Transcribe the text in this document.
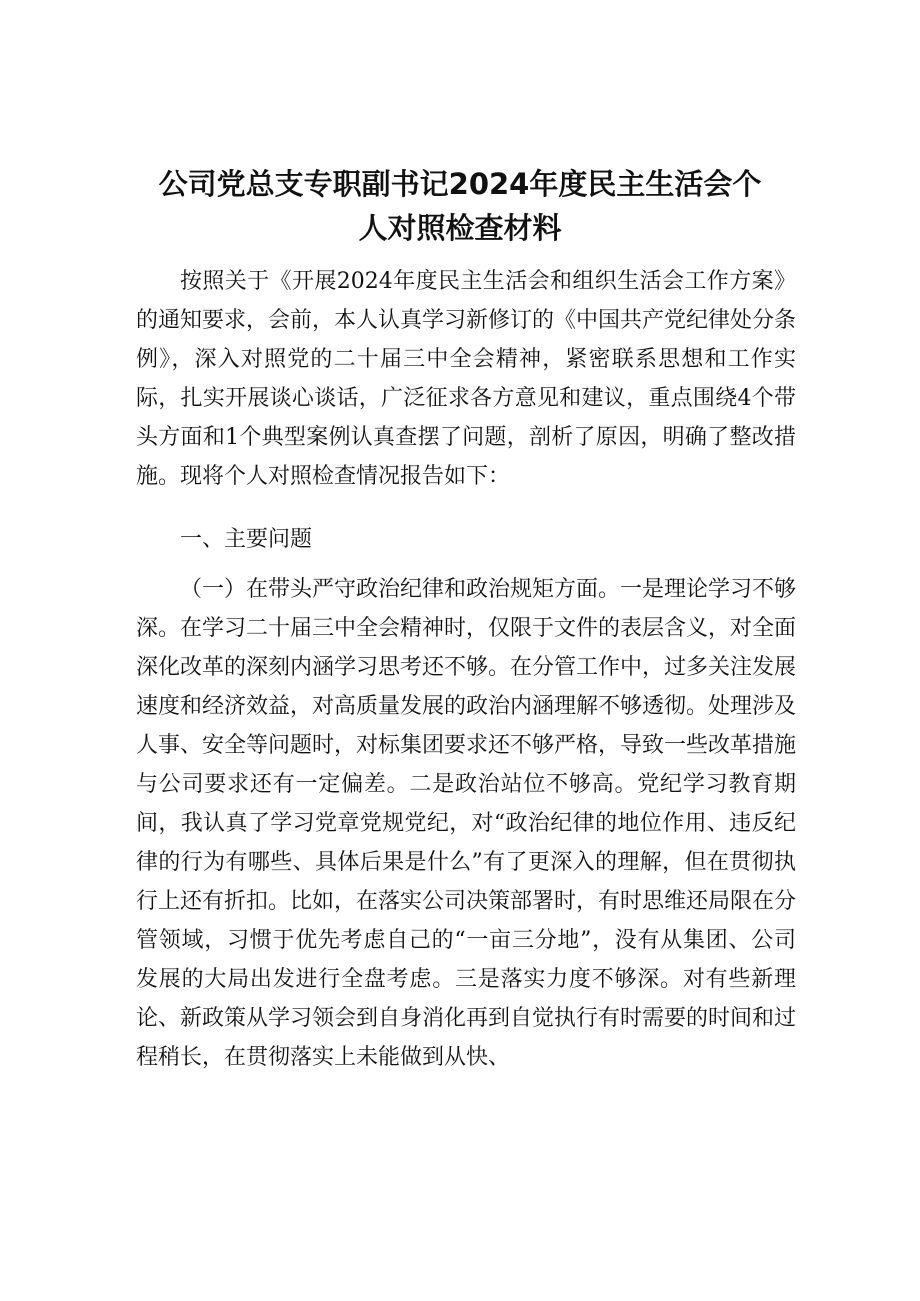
公司党总支专职副书记2024年度民主生活会个
人对照检查材料

按照关于《开展2024年度民主生活会和组织生活会工作方案》的通知要求，会前，本人认真学习新修订的《中国共产党纪律处分条例》，深入对照党的二十届三中全会精神，紧密联系思想和工作实际，扎实开展谈心谈话，广泛征求各方意见和建议，重点围绕4个带头方面和1个典型案例认真查摆了问题，剖析了原因，明确了整改措施。现将个人对照检查情况报告如下：

一、主要问题

（一）在带头严守政治纪律和政治规矩方面。一是理论学习不够深。在学习二十届三中全会精神时，仅限于文件的表层含义，对全面深化改革的深刻内涵学习思考还不够。在分管工作中，过多关注发展速度和经济效益，对高质量发展的政治内涵理解不够透彻。处理涉及人事、安全等问题时，对标集团要求还不够严格，导致一些改革措施与公司要求还有一定偏差。二是政治站位不够高。党纪学习教育期间，我认真了学习党章党规党纪，对“政治纪律的地位作用、违反纪律的行为有哪些、具体后果是什么”有了更深入的理解，但在贯彻执行上还有折扣。比如，在落实公司决策部署时，有时思维还局限在分管领域，习惯于优先考虑自己的“一亩三分地”，没有从集团、公司发展的大局出发进行全盘考虑。三是落实力度不够深。对有些新理论、新政策从学习领会到自身消化再到自觉执行有时需要的时间和过程稍长，在贯彻落实上未能做到从快、
